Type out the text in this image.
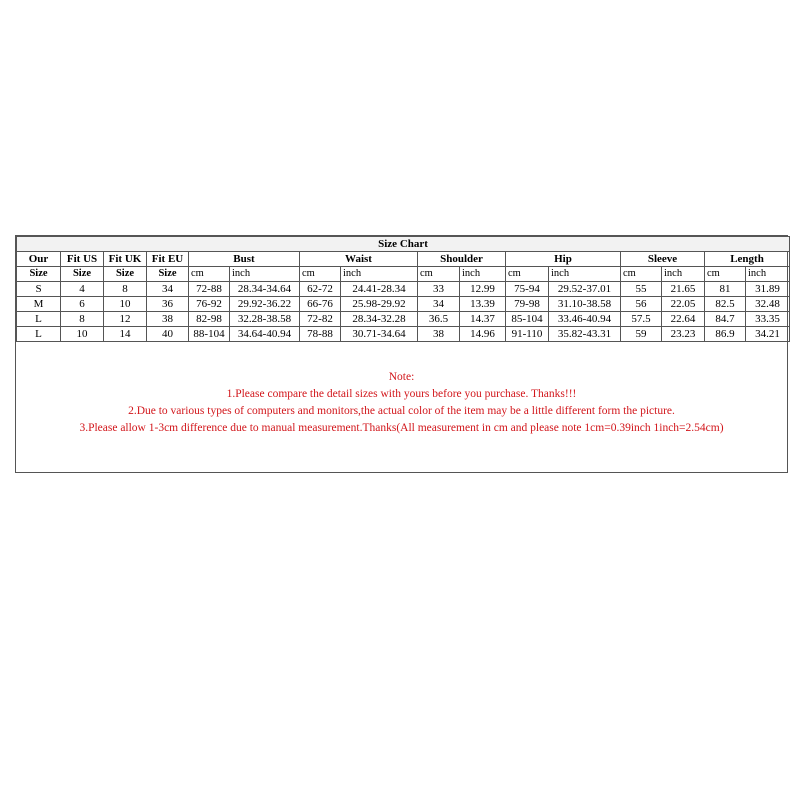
Size Chart															
Our	Fit US	Fit UK	Fit EU	Bust		Waist		Shoulder		Hip		Sleeve		Length	
Size	Size	Size	Size	cm	inch	cm	inch	cm	inch	cm	inch	cm	inch	cm	inch
S	4	8	34	72-88	28.34-34.64	62-72	24.41-28.34	33	12.99	75-94	29.52-37.01	55	21.65	81	31.89
M	6	10	36	76-92	29.92-36.22	66-76	25.98-29.92	34	13.39	79-98	31.10-38.58	56	22.05	82.5	32.48
L	8	12	38	82-98	32.28-38.58	72-82	28.34-32.28	36.5	14.37	85-104	33.46-40.94	57.5	22.64	84.7	33.35
L	10	14	40	88-104	34.64-40.94	78-88	30.71-34.64	38	14.96	91-110	35.82-43.31	59	23.23	86.9	34.21
Note:
1.Please compare the detail sizes with yours before you purchase. Thanks!!!
2.Due to various types of computers and monitors,the actual color of the item may be a little different form the picture.
3.Please allow 1-3cm difference due to manual measurement.Thanks(All measurement in cm and please note 1cm=0.39inch 1inch=2.54cm)
